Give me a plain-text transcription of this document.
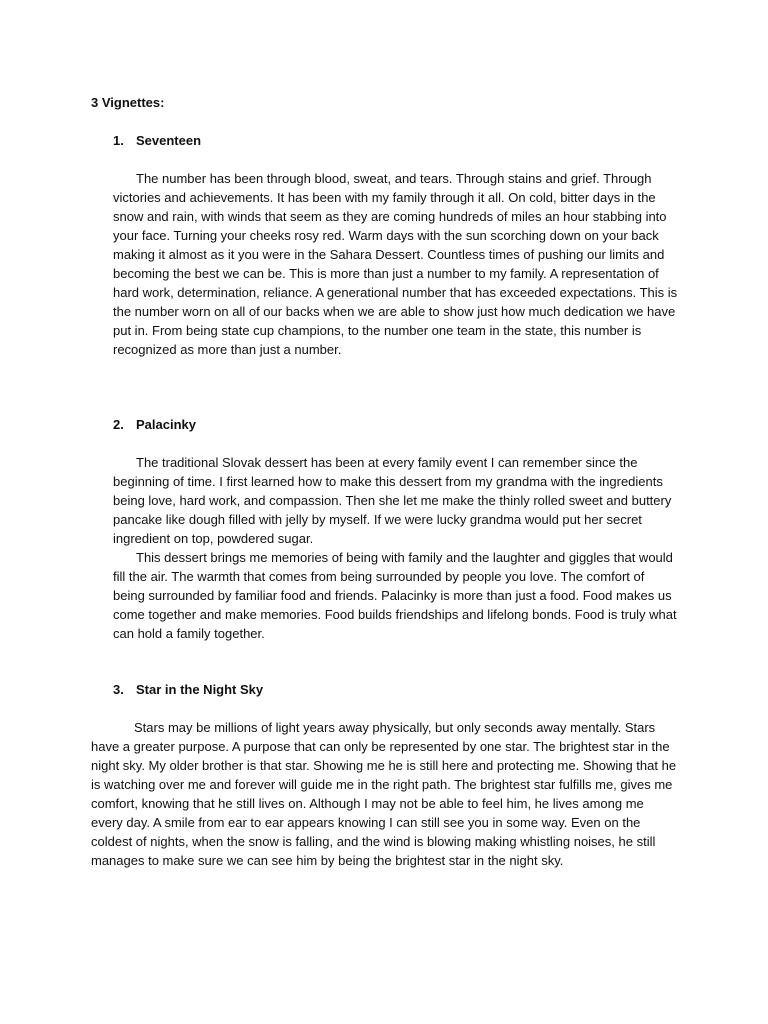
3 Vignettes:
1. Seventeen

The number has been through blood, sweat, and tears. Through stains and grief. Through victories and achievements. It has been with my family through it all. On cold, bitter days in the snow and rain, with winds that seem as they are coming hundreds of miles an hour stabbing into your face. Turning your cheeks rosy red. Warm days with the sun scorching down on your back making it almost as it you were in the Sahara Dessert. Countless times of pushing our limits and becoming the best we can be. This is more than just a number to my family. A representation of hard work, determination, reliance. A generational number that has exceeded expectations. This is the number worn on all of our backs when we are able to show just how much dedication we have put in. From being state cup champions, to the number one team in the state, this number is recognized as more than just a number.

2. Palacinky

The traditional Slovak dessert has been at every family event I can remember since the beginning of time. I first learned how to make this dessert from my grandma with the ingredients being love, hard work, and compassion. Then she let me make the thinly rolled sweet and buttery pancake like dough filled with jelly by myself. If we were lucky grandma would put her secret ingredient on top, powdered sugar.

This dessert brings me memories of being with family and the laughter and giggles that would fill the air. The warmth that comes from being surrounded by people you love. The comfort of being surrounded by familiar food and friends. Palacinky is more than just a food. Food makes us come together and make memories. Food builds friendships and lifelong bonds. Food is truly what can hold a family together.

3. Star in the Night Sky

Stars may be millions of light years away physically, but only seconds away mentally. Stars have a greater purpose. A purpose that can only be represented by one star. The brightest star in the night sky. My older brother is that star. Showing me he is still here and protecting me. Showing that he is watching over me and forever will guide me in the right path. The brightest star fulfills me, gives me comfort, knowing that he still lives on. Although I may not be able to feel him, he lives among me every day. A smile from ear to ear appears knowing I can still see you in some way. Even on the coldest of nights, when the snow is falling, and the wind is blowing making whistling noises, he still manages to make sure we can see him by being the brightest star in the night sky.
